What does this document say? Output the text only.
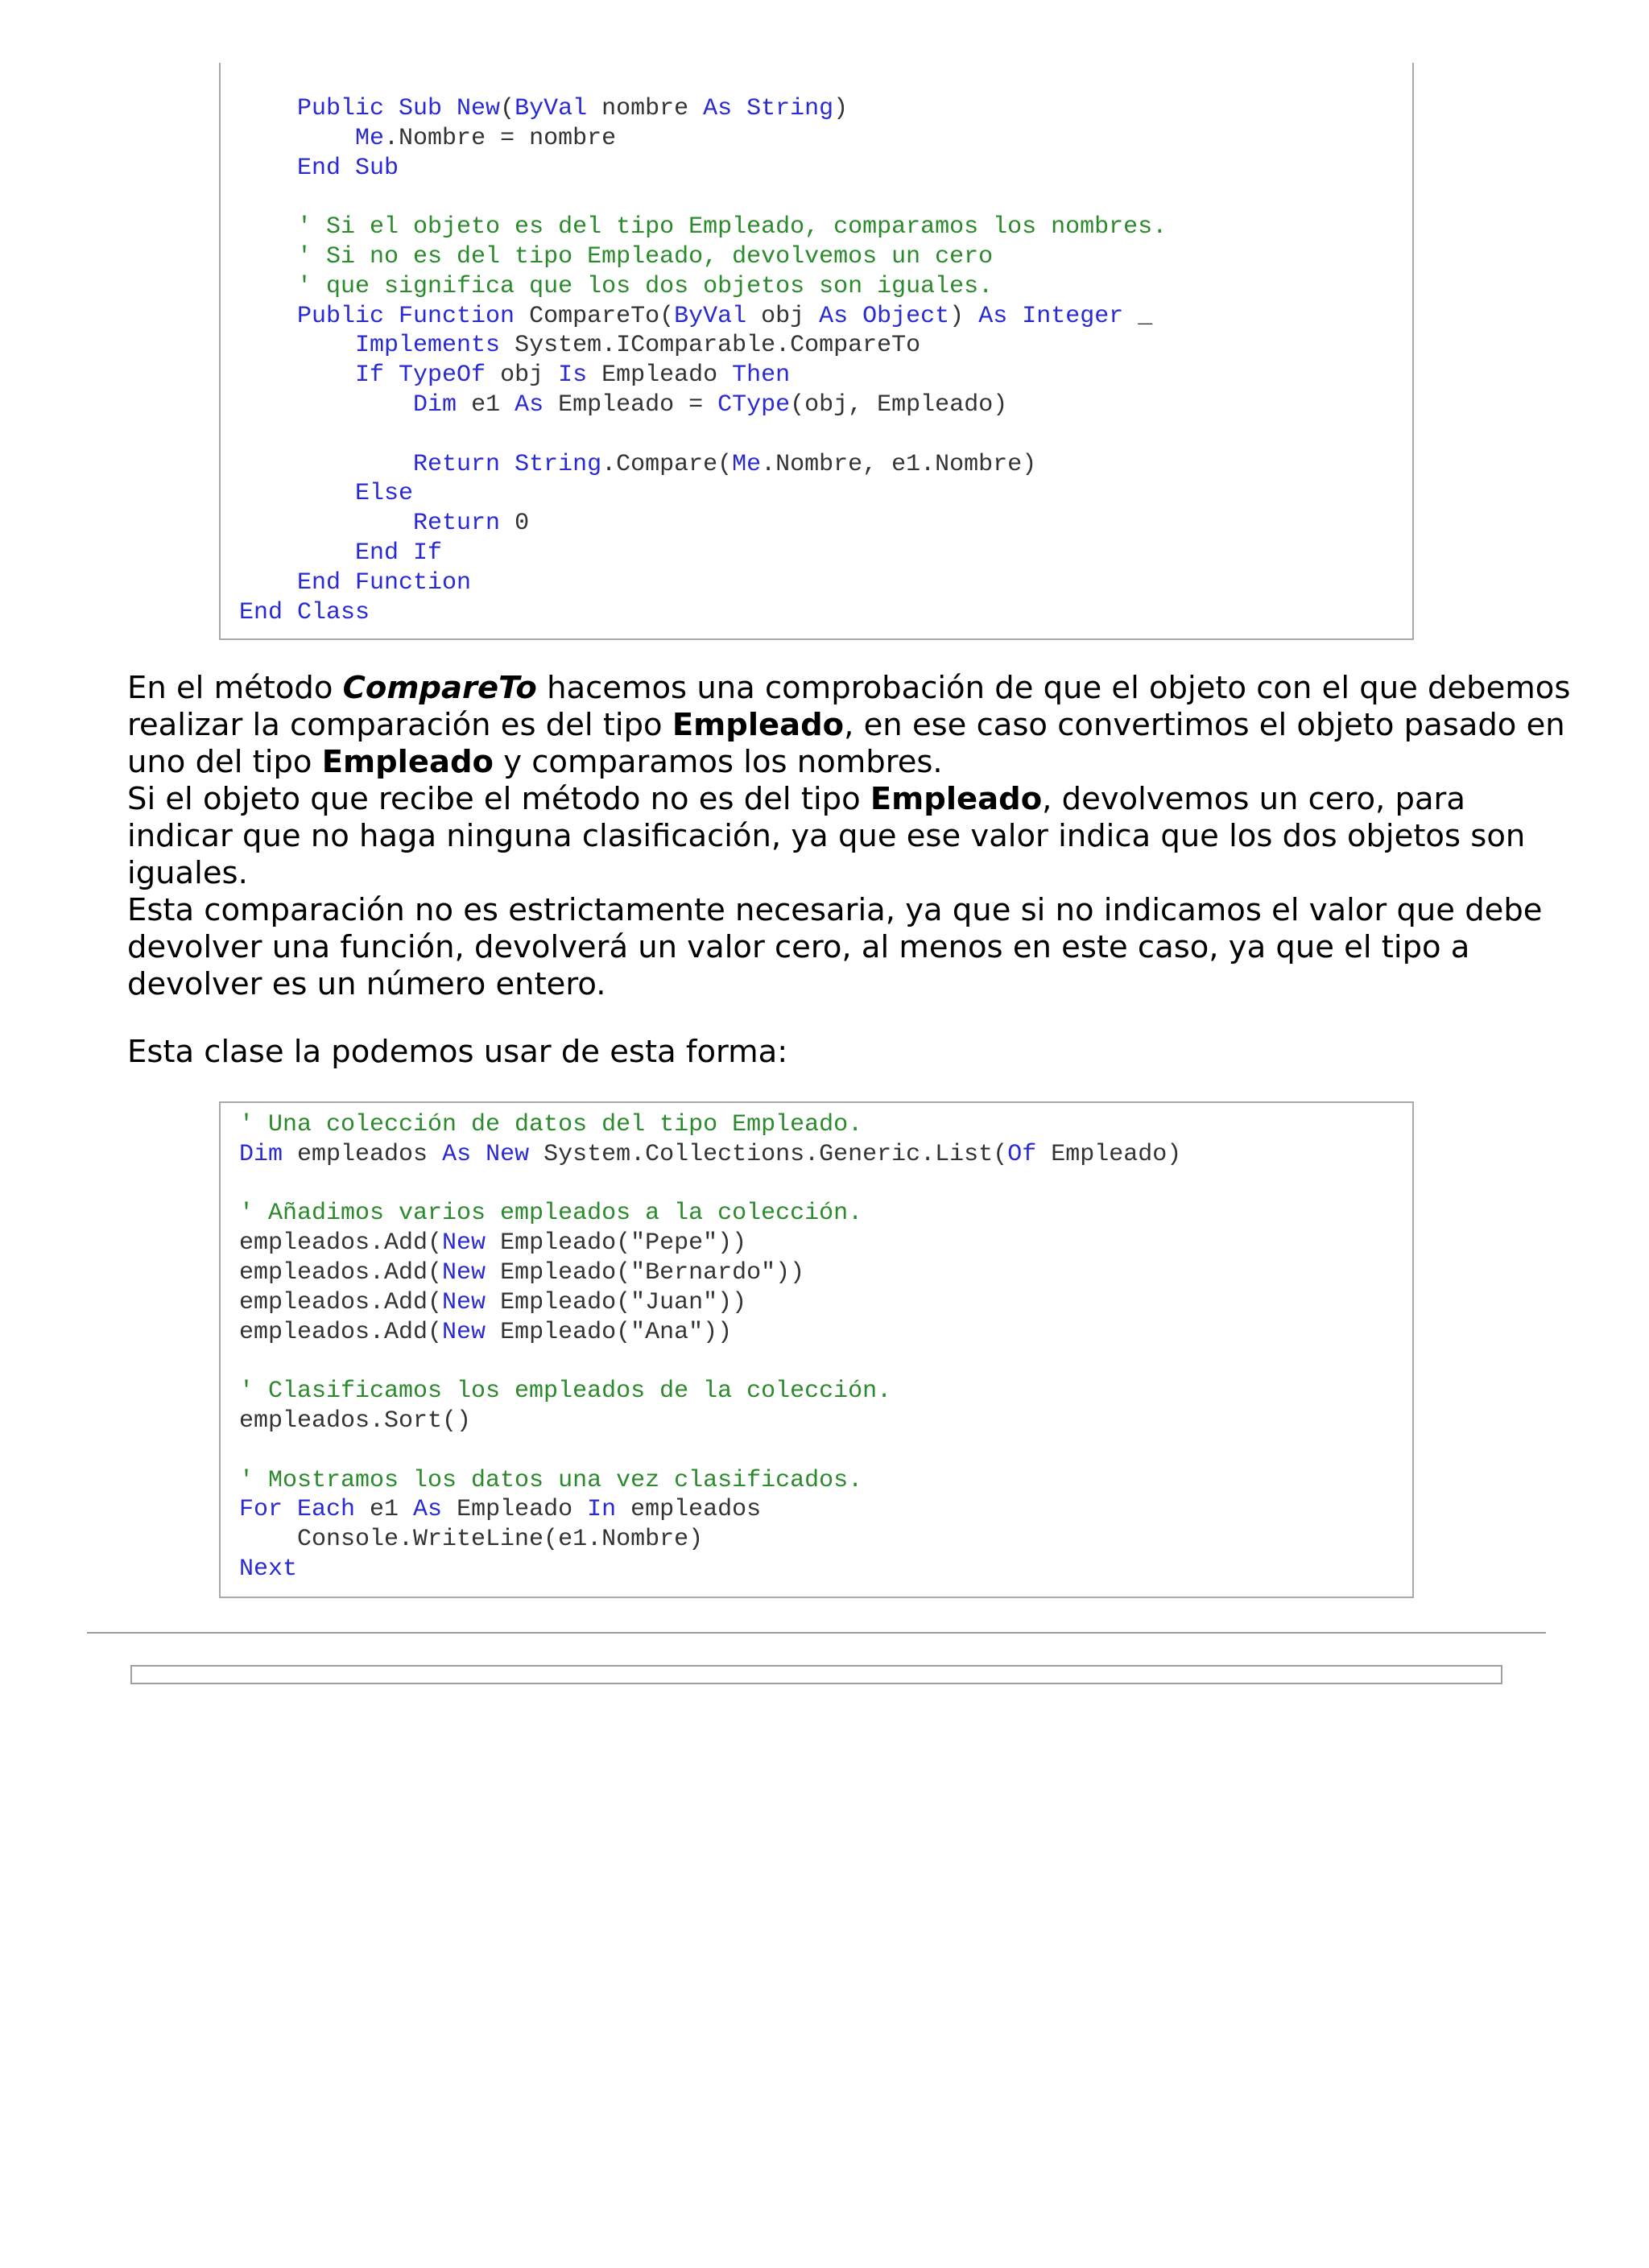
Public Sub New(ByVal nombre As String)
Me.Nombre = nombre
End Sub

' Si el objeto es del tipo Empleado, comparamos los nombres.
' Si no es del tipo Empleado, devolvemos un cero
' que significa que los dos objetos son iguales.
Public Function CompareTo(ByVal obj As Object) As Integer _
Implements System.IComparable.CompareTo
If TypeOf obj Is Empleado Then
Dim e1 As Empleado = CType(obj, Empleado)

Return String.Compare(Me.Nombre, e1.Nombre)
Else
Return 0
End If
End Function
End Class
En el método CompareTo hacemos una comprobación de que el objeto con el que debemos
realizar la comparación es del tipo Empleado, en ese caso convertimos el objeto pasado en
uno del tipo Empleado y comparamos los nombres.
Si el objeto que recibe el método no es del tipo Empleado, devolvemos un cero, para
indicar que no haga ninguna clasificación, ya que ese valor indica que los dos objetos son
iguales.
Esta comparación no es estrictamente necesaria, ya que si no indicamos el valor que debe
devolver una función, devolverá un valor cero, al menos en este caso, ya que el tipo a
devolver es un número entero.
Esta clase la podemos usar de esta forma:
' Una colección de datos del tipo Empleado.
Dim empleados As New System.Collections.Generic.List(Of Empleado)

' Añadimos varios empleados a la colección.
empleados.Add(New Empleado("Pepe"))
empleados.Add(New Empleado("Bernardo"))
empleados.Add(New Empleado("Juan"))
empleados.Add(New Empleado("Ana"))

' Clasificamos los empleados de la colección.
empleados.Sort()

' Mostramos los datos una vez clasificados.
For Each e1 As Empleado In empleados
Console.WriteLine(e1.Nombre)
Next
